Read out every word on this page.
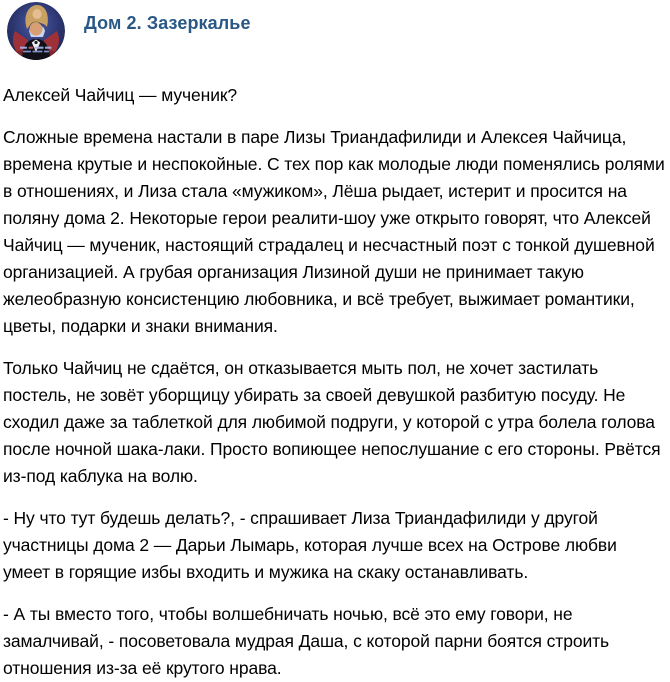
Дом 2. Зазеркалье

Алексей Чайчиц — мученик?

Сложные времена настали в паре Лизы Триандафилиди и Алексея Чайчица, времена крутые и неспокойные. С тех пор как молодые люди поменялись ролями в отношениях, и Лиза стала «мужиком», Лёша рыдает, истерит и просится на поляну дома 2. Некоторые герои реалити-шоу уже открыто говорят, что Алексей Чайчиц — мученик, настоящий страдалец и несчастный поэт с тонкой душевной организацией. А грубая организация Лизиной души не принимает такую желеобразную консистенцию любовника, и всё требует, выжимает романтики, цветы, подарки и знаки внимания.

Только Чайчиц не сдаётся, он отказывается мыть пол, не хочет застилать постель, не зовёт уборщицу убирать за своей девушкой разбитую посуду. Не сходил даже за таблеткой для любимой подруги, у которой с утра болела голова после ночной шака-лаки. Просто вопиющее непослушание с его стороны. Рвётся из-под каблука на волю.

- Ну что тут будешь делать?, - спрашивает Лиза Триандафилиди у другой участницы дома 2 — Дарьи Лымарь, которая лучше всех на Острове любви умеет в горящие избы входить и мужика на скаку останавливать.

- А ты вместо того, чтобы волшебничать ночью, всё это ему говори, не замалчивай, - посоветовала мудрая Даша, с которой парни боятся строить отношения из-за её крутого нрава.
